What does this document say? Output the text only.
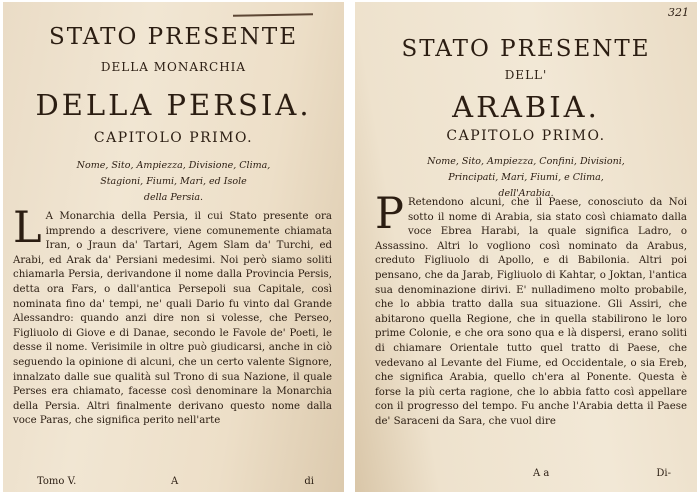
STATO PRESENTE
DELLA MONARCHIA
DELLA PERSIA.
CAPITOLO PRIMO.
Nome, Sito, Ampiezza, Divisione, Clima,
Stagioni, Fiumi, Mari, ed Isole
della Persia.
L A Monarchia della Persia, il cui Stato presente ora imprendo a descrivere, viene comunemente chiamata Iran, o Jraun da' Tartari, Agem Slam da' Turchi, ed Arabi, ed Arak da' Persiani medesimi. Noi però siamo soliti chiamarla Persia, derivandone il nome dalla Provincia Persis, detta ora Fars, o dall'antica Persepoli sua Capitale, così nominata fino da' tempi, ne' quali Dario fu vinto dal Grande Alessandro: quando anzi dire non si volesse, che Perseo, Figliuolo di Giove e di Danae, secondo le Favole de' Poeti, le desse il nome. Verisimile in oltre può giudicarsi, anche in ciò seguendo la opinione di alcuni, che un certo valente Signore, innalzato dalle sue qualità sul Trono di sua Nazione, il quale Perses era chiamato, facesse così denominare la Monarchia della Persia. Altri finalmente derivano questo nome dalla voce Paras, che significa perito nell'arte
Tomo V.	A	di
321
STATO PRESENTE
DELL'
ARABIA.
CAPITOLO PRIMO.
Nome, Sito, Ampiezza, Confini, Divisioni,
Principati, Mari, Fiumi, e Clima,
dell'Arabia.
P Retendono alcuni, che il Paese, conosciuto da Noi sotto il nome di Arabia, sia stato così chiamato dalla voce Ebrea Harabi, la quale significa Ladro, o Assassino. Altri lo vogliono così nominato da Arabus, creduto Figliuolo di Apollo, e di Babilonia. Altri poi pensano, che da Jarab, Figliuolo di Kahtar, o Joktan, l'antica sua denominazione dirivi. E' nulladimeno molto probabile, che lo abbia tratto dalla sua situazione. Gli Assiri, che abitarono quella Regione, che in quella stabilirono le loro prime Colonie, e che ora sono qua e là dispersi, erano soliti di chiamare Orientale tutto quel tratto di Paese, che vedevano al Levante del Fiume, ed Occidentale, o sia Ereb, che significa Arabia, quello ch'era al Ponente. Questa è forse la più certa ragione, che lo abbia fatto così appellare con il progresso del tempo. Fu anche l'Arabia detta il Paese de' Saraceni da Sara, che vuol dire
A a	Di-
